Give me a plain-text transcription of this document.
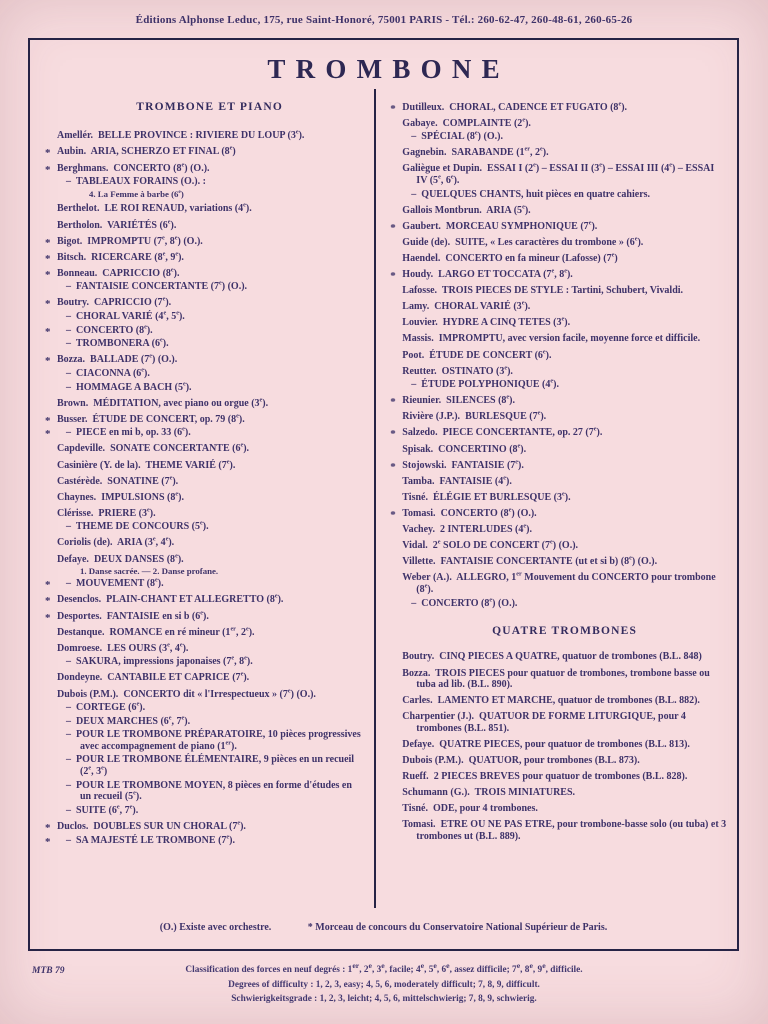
Éditions Alphonse Leduc, 175, rue Saint-Honoré, 75001 PARIS - Tél.: 260-62-47, 260-48-61, 260-65-26
TROMBONE
TROMBONE ET PIANO
Amellér. BELLE PROVINCE : RIVIERE DU LOUP (3e).
* Aubin. ARIA, SCHERZO ET FINAL (8e)
* Berghmans. CONCERTO (8e) (O.).
– TABLEAUX FORAINS (O.). :
4. La Femme à barbe (6e)
Berthelot. LE ROI RENAUD, variations (4e).
Bertholon. VARIÉTÉS (6e).
* Bigot. IMPROMPTU (7e, 8e) (O.).
* Bitsch. RICERCARE (8e, 9e).
* Bonneau. CAPRICCIO (8e).
– FANTAISIE CONCERTANTE (7e) (O.).
* Boutry. CAPRICCIO (7e).
– CHORAL VARIÉ (4e, 5e).
* – CONCERTO (8e).
– TROMBONERA (6e).
* Bozza. BALLADE (7e) (O.).
– CIACONNA (6e).
– HOMMAGE A BACH (5e).
Brown. MÉDITATION, avec piano ou orgue (3e).
* Busser. ÉTUDE DE CONCERT, op. 79 (8e).
* – PIECE en mi b, op. 33 (6e).
Capdeville. SONATE CONCERTANTE (6e).
Casinière (Y. de la). THEME VARIÉ (7e).
Castérède. SONATINE (7e).
Chaynes. IMPULSIONS (8e).
Clérisse. PRIERE (3e).
– THEME DE CONCOURS (5e).
Coriolis (de). ARIA (3e, 4e).
Defaye. DEUX DANSES (8e).
1. Danse sacrée. — 2. Danse profane.
* – MOUVEMENT (8e).
* Desenclos. PLAIN-CHANT ET ALLEGRETTO (8e).
* Desportes. FANTAISIE en si b (6e).
Destanque. ROMANCE en ré mineur (1er, 2e).
Domroese. LES OURS (3e, 4e).
– SAKURA, impressions japonaises (7e, 8e).
Dondeyne. CANTABILE ET CAPRICE (7e).
Dubois (P.M.). CONCERTO dit « l'Irrespectueux » (7e) (O.).
– CORTEGE (6e).
– DEUX MARCHES (6e, 7e).
– POUR LE TROMBONE PRÉPARATOIRE, 10 pièces progressives avec accompagnement de piano (1er).
– POUR LE TROMBONE ÉLÉMENTAIRE, 9 pièces en un recueil (2e, 3e)
– POUR LE TROMBONE MOYEN, 8 pièces en forme d'études en un recueil (5e).
– SUITE (6e, 7e).
* Duclos. DOUBLES SUR UN CHORAL (7e).
* – SA MAJESTÉ LE TROMBONE (7e).
* Dutilleux. CHORAL, CADENCE ET FUGATO (8e).
Gabaye. COMPLAINTE (2e).
– SPÉCIAL (8e) (O.).
Gagnebin. SARABANDE (1er, 2e).
Galiègue et Dupin. ESSAI I (2e) – ESSAI II (3e) – ESSAI III (4e) – ESSAI IV (5e, 6e).
– QUELQUES CHANTS, huit pièces en quatre cahiers.
Gallois Montbrun. ARIA (5e).
* Gaubert. MORCEAU SYMPHONIQUE (7e).
Guide (de). SUITE, « Les caractères du trombone » (6e).
Haendel. CONCERTO en fa mineur (Lafosse) (7e)
* Houdy. LARGO ET TOCCATA (7e, 8e).
Lafosse. TROIS PIECES DE STYLE : Tartini, Schubert, Vivaldi.
Lamy. CHORAL VARIÉ (3e).
Louvier. HYDRE A CINQ TETES (3e).
Massis. IMPROMPTU, avec version facile, moyenne force et difficile.
Poot. ÉTUDE DE CONCERT (6e).
Reutter. OSTINATO (3e).
– ÉTUDE POLYPHONIQUE (4e).
* Rieunier. SILENCES (8e).
Rivière (J.P.). BURLESQUE (7e).
* Salzedo. PIECE CONCERTANTE, op. 27 (7e).
Spisak. CONCERTINO (8e).
* Stojowski. FANTAISIE (7e).
Tamba. FANTAISIE (4e).
Tisné. ÉLÉGIE ET BURLESQUE (3e).
* Tomasi. CONCERTO (8e) (O.).
Vachey. 2 INTERLUDES (4e).
Vidal. 2e SOLO DE CONCERT (7e) (O.).
Villette. FANTAISIE CONCERTANTE (ut et si b) (8e) (O.).
Weber (A.). ALLEGRO, 1er Mouvement du CONCERTO pour trombone (8e).
– CONCERTO (8e) (O.).
QUATRE TROMBONES
Boutry. CINQ PIECES A QUATRE, quatuor de trombones (B.L. 848)
Bozza. TROIS PIECES pour quatuor de trombones, trombone basse ou tuba ad lib. (B.L. 890).
Carles. LAMENTO ET MARCHE, quatuor de trombones (B.L. 882).
Charpentier (J.). QUATUOR DE FORME LITURGIQUE, pour 4 trombones (B.L. 851).
Defaye. QUATRE PIECES, pour quatuor de trombones (B.L. 813).
Dubois (P.M.). QUATUOR, pour trombones (B.L. 873).
Rueff. 2 PIECES BREVES pour quatuor de trombones (B.L. 828).
Schumann (G.). TROIS MINIATURES.
Tisné. ODE, pour 4 trombones.
Tomasi. ETRE OU NE PAS ETRE, pour trombone-basse solo (ou tuba) et 3 trombones ut (B.L. 889).
(O.) Existe avec orchestre.	* Morceau de concours du Conservatoire National Supérieur de Paris.
MTB 79	Classification des forces en neuf degrés : 1er, 2e, 3e, facile; 4e, 5e, 6e, assez difficile; 7e, 8e, 9e, difficile.
Degrees of difficulty : 1, 2, 3, easy; 4, 5, 6, moderately difficult; 7, 8, 9, difficult.
Schwierigkeitsgrade : 1, 2, 3, leicht; 4, 5, 6, mittelschwierig; 7, 8, 9, schwierig.
